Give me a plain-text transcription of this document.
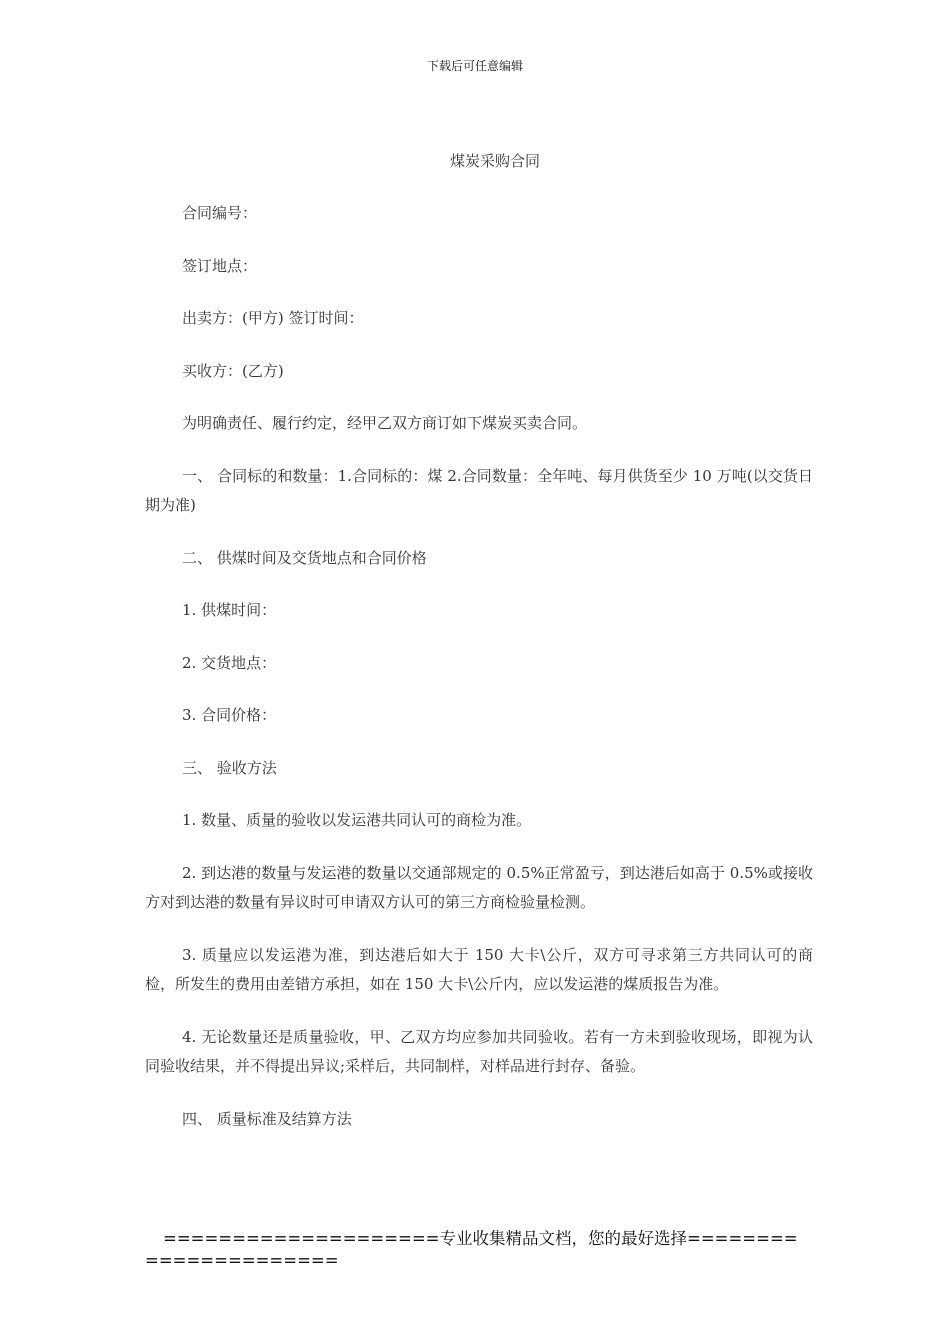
下载后可任意编辑
煤炭采购合同

合同编号：

签订地点：

出卖方：(甲方) 签订时间：

买收方：(乙方)

为明确责任、履行约定，经甲乙双方商订如下煤炭买卖合同。

一、 合同标的和数量：1.合同标的：煤 2.合同数量：全年吨、每月供货至少 10 万吨(以交货日期为准)

二、 供煤时间及交货地点和合同价格

1. 供煤时间：

2. 交货地点：

3. 合同价格：

三、 验收方法

1. 数量、质量的验收以发运港共同认可的商检为准。

2. 到达港的数量与发运港的数量以交通部规定的 0.5%正常盈亏，到达港后如高于 0.5%或接收方对到达港的数量有异议时可申请双方认可的第三方商检验量检测。

3. 质量应以发运港为准，到达港后如大于 150 大卡\公斤，双方可寻求第三方共同认可的商检，所发生的费用由差错方承担，如在 150 大卡\公斤内，应以发运港的煤质报告为准。

4. 无论数量还是质量验收，甲、乙双方均应参加共同验收。若有一方未到验收现场，即视为认同验收结果，并不得提出异议;采样后，共同制样，对样品进行封存、备验。

四、 质量标准及结算方法

====================专业收集精品文档，您的最好选择======================
